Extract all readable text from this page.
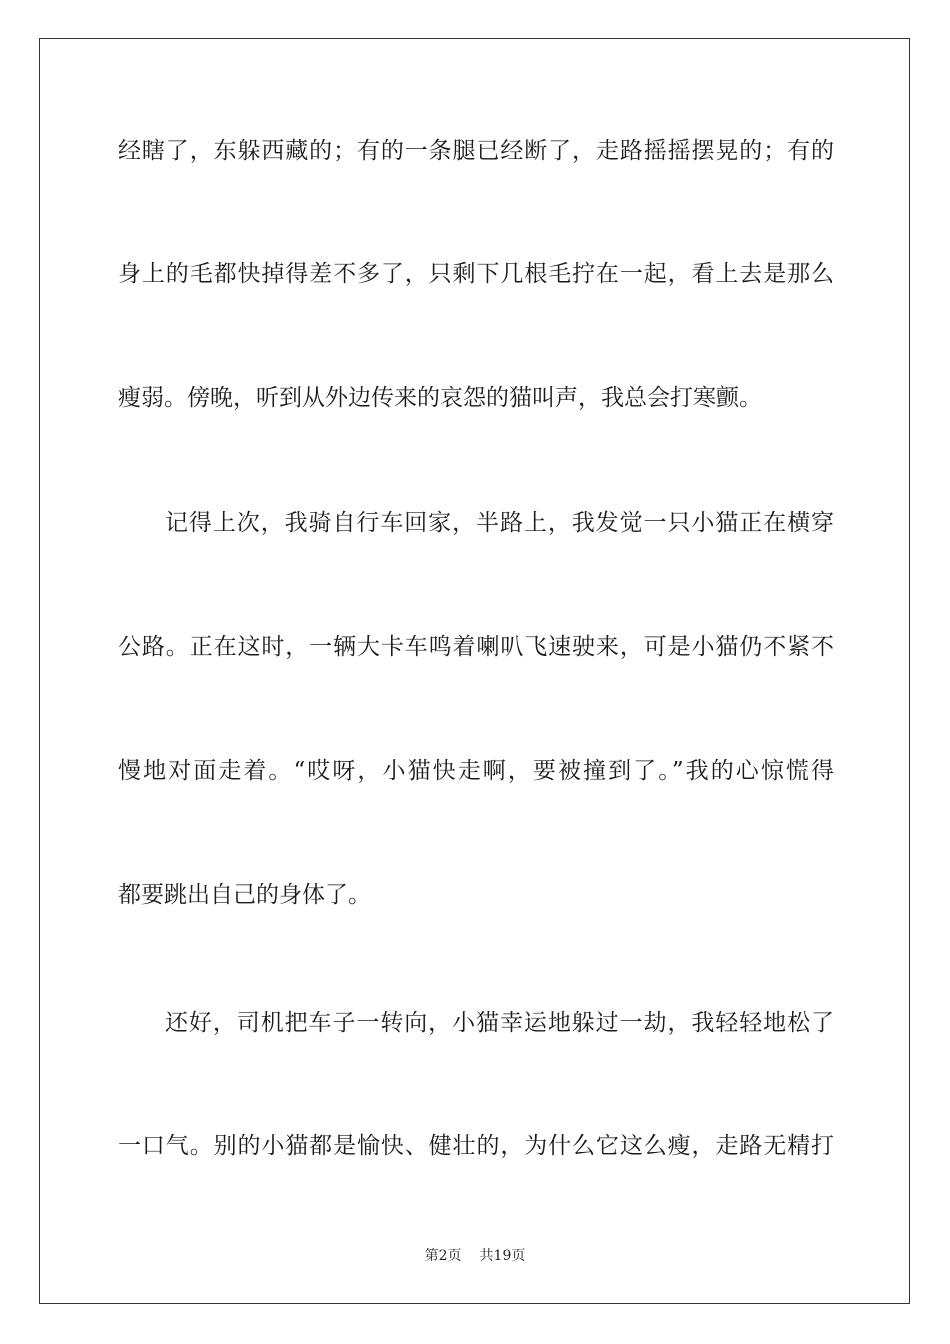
经瞎了，东躲西藏的；有的一条腿已经断了，走路摇摇摆晃的；有的
身上的毛都快掉得差不多了，只剩下几根毛拧在一起，看上去是那么
瘦弱。傍晚，听到从外边传来的哀怨的猫叫声，我总会打寒颤。
记得上次，我骑自行车回家，半路上，我发觉一只小猫正在横穿
公路。正在这时，一辆大卡车鸣着喇叭飞速驶来，可是小猫仍不紧不
慢地对面走着。“哎呀，小猫快走啊，要被撞到了。”我的心惊慌得
都要跳出自己的身体了。
还好，司机把车子一转向，小猫幸运地躲过一劫，我轻轻地松了
一口气。别的小猫都是愉快、健壮的，为什么它这么瘦，走路无精打
第2页 共19页
